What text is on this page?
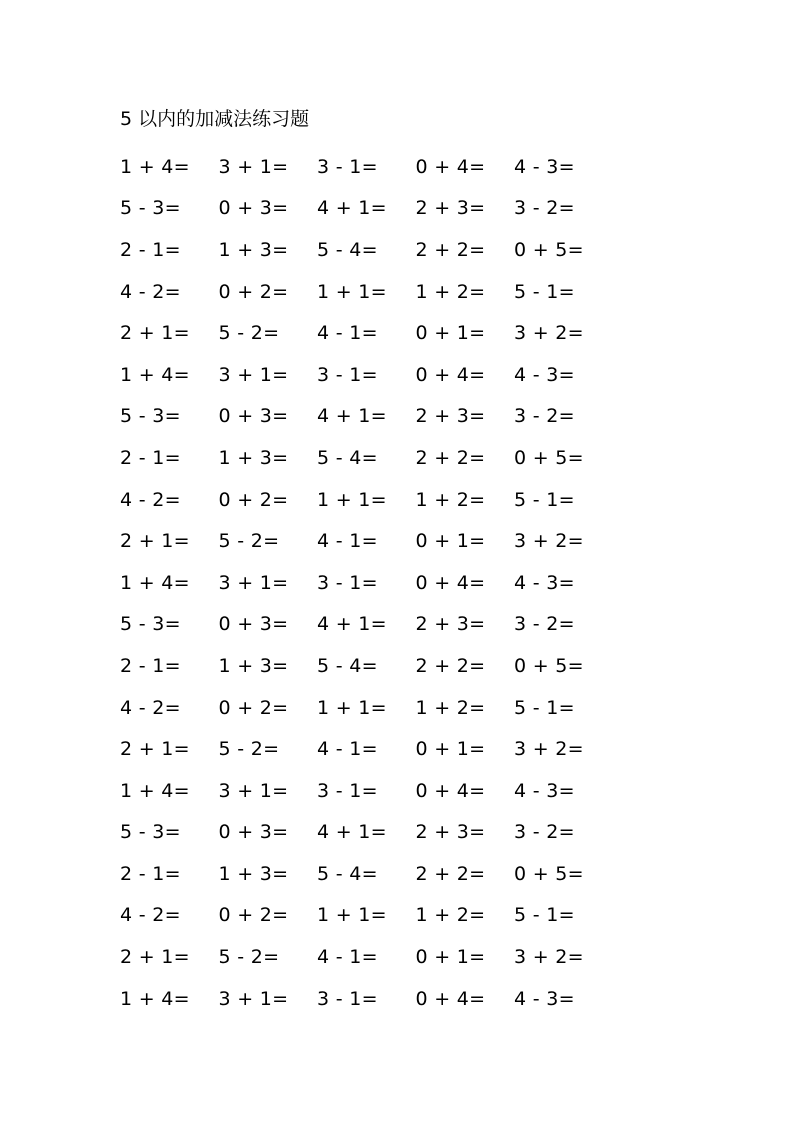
5 以内的加减法练习题
1 + 4=	3 + 1=	3 - 1=	0 + 4=	4 - 3=
5 - 3=	0 + 3=	4 + 1=	2 + 3=	3 - 2=
2 - 1=	1 + 3=	5 - 4=	2 + 2=	0 + 5=
4 - 2=	0 + 2=	1 + 1=	1 + 2=	5 - 1=
2 + 1=	5 - 2=	4 - 1=	0 + 1=	3 + 2=
1 + 4=	3 + 1=	3 - 1=	0 + 4=	4 - 3=
5 - 3=	0 + 3=	4 + 1=	2 + 3=	3 - 2=
2 - 1=	1 + 3=	5 - 4=	2 + 2=	0 + 5=
4 - 2=	0 + 2=	1 + 1=	1 + 2=	5 - 1=
2 + 1=	5 - 2=	4 - 1=	0 + 1=	3 + 2=
1 + 4=	3 + 1=	3 - 1=	0 + 4=	4 - 3=
5 - 3=	0 + 3=	4 + 1=	2 + 3=	3 - 2=
2 - 1=	1 + 3=	5 - 4=	2 + 2=	0 + 5=
4 - 2=	0 + 2=	1 + 1=	1 + 2=	5 - 1=
2 + 1=	5 - 2=	4 - 1=	0 + 1=	3 + 2=
1 + 4=	3 + 1=	3 - 1=	0 + 4=	4 - 3=
5 - 3=	0 + 3=	4 + 1=	2 + 3=	3 - 2=
2 - 1=	1 + 3=	5 - 4=	2 + 2=	0 + 5=
4 - 2=	0 + 2=	1 + 1=	1 + 2=	5 - 1=
2 + 1=	5 - 2=	4 - 1=	0 + 1=	3 + 2=
1 + 4=	3 + 1=	3 - 1=	0 + 4=	4 - 3=
